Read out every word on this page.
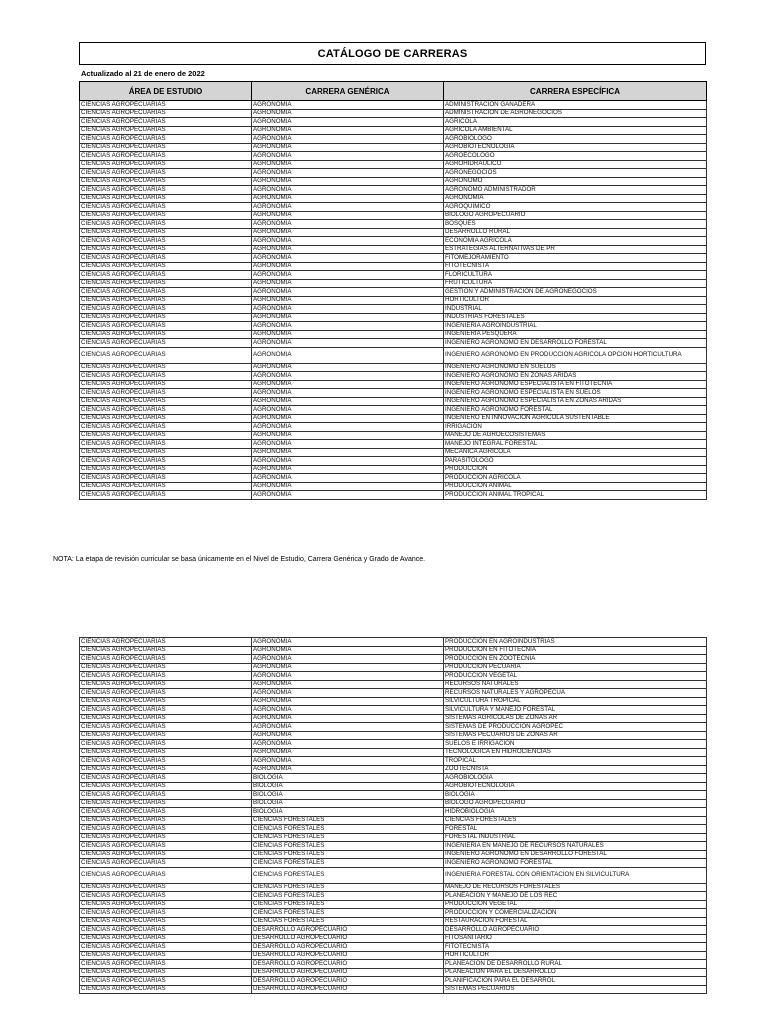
CATÁLOGO DE CARRERAS
Actualizado al 21 de enero de 2022
ÁREA DE ESTUDIO	CARRERA GENÉRICA	CARRERA ESPECÍFICA
CIENCIAS AGROPECUARIAS	AGRONOMIA	ADMINISTRACION GANADERA
CIENCIAS AGROPECUARIAS	AGRONOMIA	ADMINISTRACION DE AGRONEGOCIOS
CIENCIAS AGROPECUARIAS	AGRONOMIA	AGRICOLA
CIENCIAS AGROPECUARIAS	AGRONOMIA	AGRICOLA AMBIENTAL
CIENCIAS AGROPECUARIAS	AGRONOMIA	AGROBIOLOGO
CIENCIAS AGROPECUARIAS	AGRONOMIA	AGROBIOTECNOLOGIA
CIENCIAS AGROPECUARIAS	AGRONOMIA	AGROECOLOGO
CIENCIAS AGROPECUARIAS	AGRONOMIA	AGROHIDRAULICO
CIENCIAS AGROPECUARIAS	AGRONOMIA	AGRONEGOCIOS
CIENCIAS AGROPECUARIAS	AGRONOMIA	AGRONOMO
CIENCIAS AGROPECUARIAS	AGRONOMIA	AGRONOMO ADMINISTRADOR
CIENCIAS AGROPECUARIAS	AGRONOMIA	AGRONOMIA
CIENCIAS AGROPECUARIAS	AGRONOMIA	AGROQUIMICO
CIENCIAS AGROPECUARIAS	AGRONOMIA	BIOLOGO AGROPECUARIO
CIENCIAS AGROPECUARIAS	AGRONOMIA	BOSQUES
CIENCIAS AGROPECUARIAS	AGRONOMIA	DESARROLLO RURAL
CIENCIAS AGROPECUARIAS	AGRONOMIA	ECONOMIA AGRICOLA
CIENCIAS AGROPECUARIAS	AGRONOMIA	ESTRATEGIAS ALTERNATIVAS DE PR
CIENCIAS AGROPECUARIAS	AGRONOMIA	FITOMEJORAMIENTO
CIENCIAS AGROPECUARIAS	AGRONOMIA	FITOTECNISTA
CIENCIAS AGROPECUARIAS	AGRONOMIA	FLORICULTURA
CIENCIAS AGROPECUARIAS	AGRONOMIA	FRUTICULTURA
CIENCIAS AGROPECUARIAS	AGRONOMIA	GESTION Y ADMINISTRACION DE AGRONEGOCIOS
CIENCIAS AGROPECUARIAS	AGRONOMIA	HORTICULTOR
CIENCIAS AGROPECUARIAS	AGRONOMIA	INDUSTRIAL
CIENCIAS AGROPECUARIAS	AGRONOMIA	INDUSTRIAS FORESTALES
CIENCIAS AGROPECUARIAS	AGRONOMIA	INGENIERIA AGROINDUSTRIAL
CIENCIAS AGROPECUARIAS	AGRONOMIA	INGENIERIA PESQUERA
CIENCIAS AGROPECUARIAS	AGRONOMIA	INGENIERO AGRONOMO EN DESARROLLO FORESTAL
CIENCIAS AGROPECUARIAS	AGRONOMIA	INGENIERO AGRONOMO EN PRODUCCION AGRICOLA OPCION HORTICULTURA
CIENCIAS AGROPECUARIAS	AGRONOMIA	INGENIERO AGRONOMO EN SUELOS
CIENCIAS AGROPECUARIAS	AGRONOMIA	INGENIERO AGRONOMO EN ZONAS ARIDAS
CIENCIAS AGROPECUARIAS	AGRONOMIA	INGENIERO AGRONOMO ESPECIALISTA EN FITOTECNIA
CIENCIAS AGROPECUARIAS	AGRONOMIA	INGENIERO AGRONOMO ESPECIALISTA EN SUELOS
CIENCIAS AGROPECUARIAS	AGRONOMIA	INGENIERO AGRONOMO ESPECIALISTA EN ZONAS ARIDAS
CIENCIAS AGROPECUARIAS	AGRONOMIA	INGENIERO AGRONOMO FORESTAL
CIENCIAS AGROPECUARIAS	AGRONOMIA	INGENIERO EN INNOVACION AGRICOLA SUSTENTABLE
CIENCIAS AGROPECUARIAS	AGRONOMIA	IRRIGACION
CIENCIAS AGROPECUARIAS	AGRONOMIA	MANEJO DE AGROECOSISTEMAS
CIENCIAS AGROPECUARIAS	AGRONOMIA	MANEJO INTEGRAL FORESTAL
CIENCIAS AGROPECUARIAS	AGRONOMIA	MECANICA AGRICOLA
CIENCIAS AGROPECUARIAS	AGRONOMIA	PARASITOLOGO
CIENCIAS AGROPECUARIAS	AGRONOMIA	PRODUCCION
CIENCIAS AGROPECUARIAS	AGRONOMIA	PRODUCCION AGRICOLA
CIENCIAS AGROPECUARIAS	AGRONOMIA	PRODUCCION ANIMAL
CIENCIAS AGROPECUARIAS	AGRONOMIA	PRODUCCION ANIMAL TROPICAL
NOTA: La etapa de revisión curricular se basa únicamente en el Nivel de Estudio, Carrera Genérica y Grado de Avance.
CIENCIAS AGROPECUARIAS	AGRONOMIA	PRODUCCION EN AGROINDUSTRIAS
CIENCIAS AGROPECUARIAS	AGRONOMIA	PRODUCCION EN FITOTECNIA
CIENCIAS AGROPECUARIAS	AGRONOMIA	PRODUCCION EN ZOOTECNIA
CIENCIAS AGROPECUARIAS	AGRONOMIA	PRODUCCION PECUARIA
CIENCIAS AGROPECUARIAS	AGRONOMIA	PRODUCCION VEGETAL
CIENCIAS AGROPECUARIAS	AGRONOMIA	RECURSOS NATURALES
CIENCIAS AGROPECUARIAS	AGRONOMIA	RECURSOS NATURALES Y AGROPECUA
CIENCIAS AGROPECUARIAS	AGRONOMIA	SILVICULTURA TROPICAL
CIENCIAS AGROPECUARIAS	AGRONOMIA	SILVICULTURA Y MANEJO FORESTAL
CIENCIAS AGROPECUARIAS	AGRONOMIA	SISTEMAS AGRICOLAS DE ZONAS AR
CIENCIAS AGROPECUARIAS	AGRONOMIA	SISTEMAS DE PRODUCCION AGROPEC
CIENCIAS AGROPECUARIAS	AGRONOMIA	SISTEMAS PECUARIOS DE ZONAS AR
CIENCIAS AGROPECUARIAS	AGRONOMIA	SUELOS E IRRIGACION
CIENCIAS AGROPECUARIAS	AGRONOMIA	TECNOLOGICA EN HIDROCIENCIAS
CIENCIAS AGROPECUARIAS	AGRONOMIA	TROPICAL
CIENCIAS AGROPECUARIAS	AGRONOMIA	ZOOTECNISTA
CIENCIAS AGROPECUARIAS	BIOLOGIA	AGROBIOLOGIA
CIENCIAS AGROPECUARIAS	BIOLOGIA	AGROBIOTECNOLOGIA
CIENCIAS AGROPECUARIAS	BIOLOGIA	BIOLOGIA
CIENCIAS AGROPECUARIAS	BIOLOGIA	BIOLOGO AGROPECUARIO
CIENCIAS AGROPECUARIAS	BIOLOGIA	HIDROBIOLOGIA
CIENCIAS AGROPECUARIAS	CIENCIAS FORESTALES	CIENCIAS FORESTALES
CIENCIAS AGROPECUARIAS	CIENCIAS FORESTALES	FORESTAL
CIENCIAS AGROPECUARIAS	CIENCIAS FORESTALES	FORESTAL INDUSTRIAL
CIENCIAS AGROPECUARIAS	CIENCIAS FORESTALES	INGENIERIA EN MANEJO DE RECURSOS NATURALES
CIENCIAS AGROPECUARIAS	CIENCIAS FORESTALES	INGENIERO AGRONOMO EN DESARROLLO FORESTAL
CIENCIAS AGROPECUARIAS	CIENCIAS FORESTALES	INGENIERO AGRONOMO FORESTAL
CIENCIAS AGROPECUARIAS	CIENCIAS FORESTALES	INGENIERIA FORESTAL CON ORIENTACION EN SILVICULTURA
CIENCIAS AGROPECUARIAS	CIENCIAS FORESTALES	MANEJO DE RECURSOS FORESTALES
CIENCIAS AGROPECUARIAS	CIENCIAS FORESTALES	PLANEACION Y MANEJO DE LOS REC
CIENCIAS AGROPECUARIAS	CIENCIAS FORESTALES	PRODUCCION VEGETAL
CIENCIAS AGROPECUARIAS	CIENCIAS FORESTALES	PRODUCCION Y COMERCIALIZACION
CIENCIAS AGROPECUARIAS	CIENCIAS FORESTALES	RESTAURACION FORESTAL
CIENCIAS AGROPECUARIAS	DESARROLLO AGROPECUARIO	DESARROLLO AGROPECUARIO
CIENCIAS AGROPECUARIAS	DESARROLLO AGROPECUARIO	FITOSANITARIO
CIENCIAS AGROPECUARIAS	DESARROLLO AGROPECUARIO	FITOTECNISTA
CIENCIAS AGROPECUARIAS	DESARROLLO AGROPECUARIO	HORTICULTOR
CIENCIAS AGROPECUARIAS	DESARROLLO AGROPECUARIO	PLANEACION DE DESARROLLO RURAL
CIENCIAS AGROPECUARIAS	DESARROLLO AGROPECUARIO	PLANEACION PARA EL DESARROLLO
CIENCIAS AGROPECUARIAS	DESARROLLO AGROPECUARIO	PLANIFICACION PARA EL DESARROL
CIENCIAS AGROPECUARIAS	DESARROLLO AGROPECUARIO	SISTEMAS PECUARIOS
